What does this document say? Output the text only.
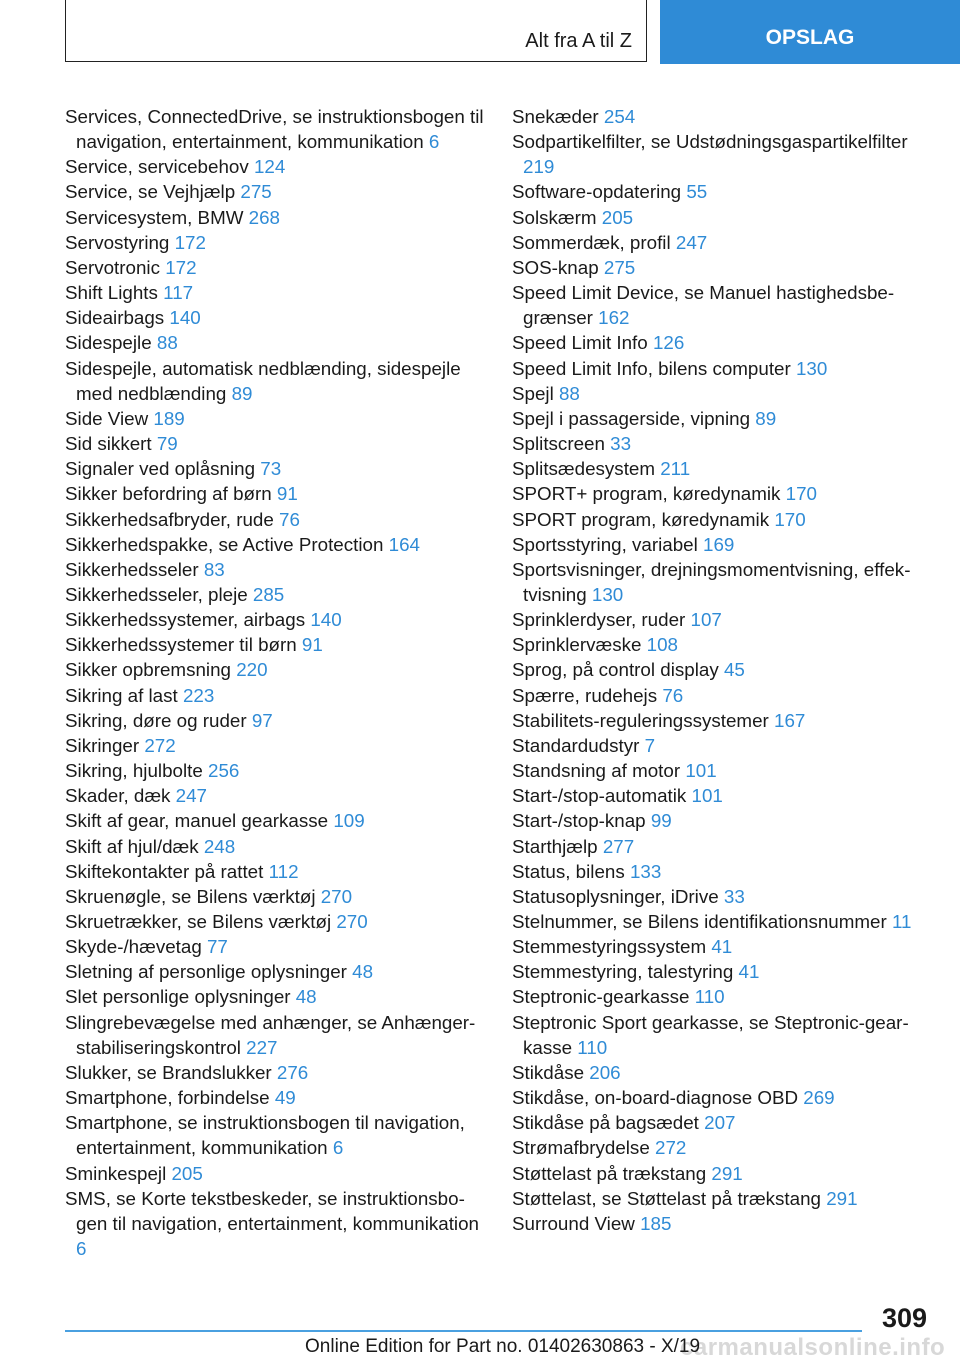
Alt fra A til Z	OPSLAG

Services, ConnectedDrive, se instruktionsbogen til navigation, entertainment, kommunikation 6

Service, servicebehov 124

Service, se Vejhjælp 275

Servicesystem, BMW 268

Servostyring 172

Servotronic 172

Shift Lights 117

Sideairbags 140

Sidespejle 88

Sidespejle, automatisk nedblænding, sidespejle med nedblænding 89

Side View 189

Sid sikkert 79

Signaler ved oplåsning 73

Sikker befordring af børn 91

Sikkerhedsafbryder, rude 76

Sikkerhedspakke, se Active Protection 164

Sikkerhedsseler 83

Sikkerhedsseler, pleje 285

Sikkerhedssystemer, airbags 140

Sikkerhedssystemer til børn 91

Sikker opbremsning 220

Sikring af last 223

Sikring, døre og ruder 97

Sikringer 272

Sikring, hjulbolte 256

Skader, dæk 247

Skift af gear, manuel gearkasse 109

Skift af hjul/dæk 248

Skiftekontakter på rattet 112

Skruenøgle, se Bilens værktøj 270

Skruetrækker, se Bilens værktøj 270

Skyde-/hævetag 77

Sletning af personlige oplysninger 48

Slet personlige oplysninger 48

Slingrebevægelse med anhænger, se Anhænger-stabiliseringskontrol 227

Slukker, se Brandslukker 276

Smartphone, forbindelse 49

Smartphone, se instruktionsbogen til navigation, entertainment, kommunikation 6

Sminkespejl 205

SMS, se Korte tekstbeskeder, se instruktionsbogen til navigation, entertainment, kommunikation 6

Snekæder 254

Sodpartikelfilter, se Udstødningsgaspartikelfilter 219

Software-opdatering 55

Solskærm 205

Sommerdæk, profil 247

SOS-knap 275

Speed Limit Device, se Manuel hastighedsbegrænser 162

Speed Limit Info 126

Speed Limit Info, bilens computer 130

Spejl 88

Spejl i passagerside, vipning 89

Splitscreen 33

Splitsædesystem 211

SPORT+ program, køredynamik 170

SPORT program, køredynamik 170

Sportsstyring, variabel 169

Sportsvisninger, drejningsmomentvisning, effektvisning 130

Sprinklerdyser, ruder 107

Sprinklervæske 108

Sprog, på control display 45

Spærre, rudehejs 76

Stabilitets-reguleringssystemer 167

Standardudstyr 7

Standsning af motor 101

Start-/stop-automatik 101

Start-/stop-knap 99

Starthjælp 277

Status, bilens 133

Statusoplysninger, iDrive 33

Stelnummer, se Bilens identifikationsnummer 11

Stemmestyringssystem 41

Stemmestyring, talestyring 41

Steptronic-gearkasse 110

Steptronic Sport gearkasse, se Steptronic-gearkasse 110

Stikdåse 206

Stikdåse, on-board-diagnose OBD 269

Stikdåse på bagsædet 207

Strømafbrydelse 272

Støttelast på trækstang 291

Støttelast, se Støttelast på trækstang 291

Surround View 185

309
carmanualsonline.info
Online Edition for Part no. 01402630863 - X/19
